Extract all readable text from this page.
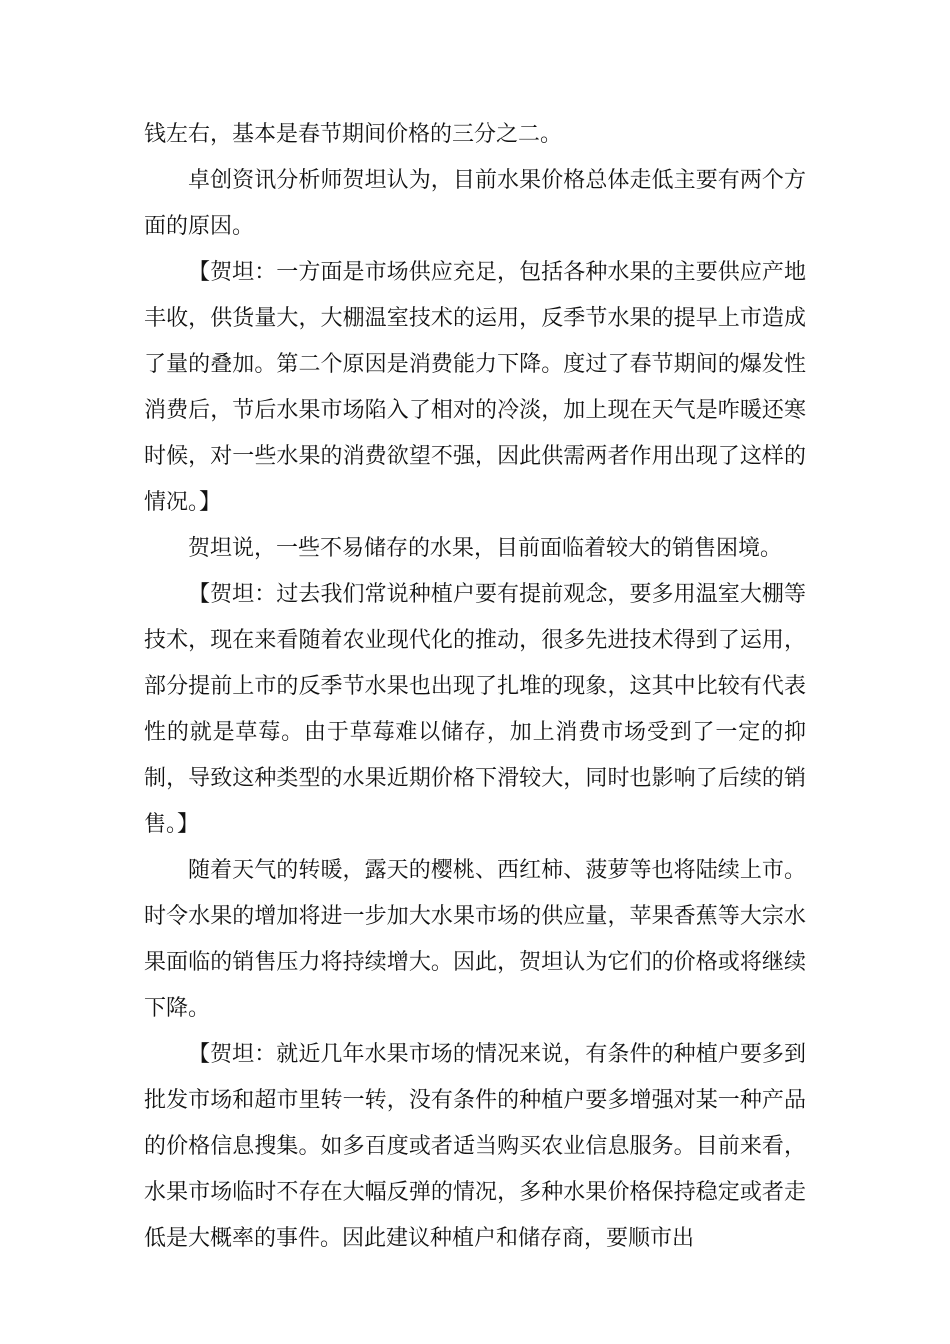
钱左右，基本是春节期间价格的三分之二。

卓创资讯分析师贺坦认为，目前水果价格总体走低主要有两个方面的原因。

【贺坦：一方面是市场供应充足，包括各种水果的主要供应产地丰收，供货量大，大棚温室技术的运用，反季节水果的提早上市造成了量的叠加。第二个原因是消费能力下降。度过了春节期间的爆发性消费后，节后水果市场陷入了相对的冷淡，加上现在天气是咋暖还寒时候，对一些水果的消费欲望不强，因此供需两者作用出现了这样的情况。】

贺坦说，一些不易储存的水果，目前面临着较大的销售困境。

【贺坦：过去我们常说种植户要有提前观念，要多用温室大棚等技术，现在来看随着农业现代化的推动，很多先进技术得到了运用，部分提前上市的反季节水果也出现了扎堆的现象，这其中比较有代表性的就是草莓。由于草莓难以储存，加上消费市场受到了一定的抑制，导致这种类型的水果近期价格下滑较大，同时也影响了后续的销售。】

随着天气的转暖，露天的樱桃、西红柿、菠萝等也将陆续上市。时令水果的增加将进一步加大水果市场的供应量，苹果香蕉等大宗水果面临的销售压力将持续增大。因此，贺坦认为它们的价格或将继续下降。

【贺坦：就近几年水果市场的情况来说，有条件的种植户要多到批发市场和超市里转一转，没有条件的种植户要多增强对某一种产品的价格信息搜集。如多百度或者适当购买农业信息服务。目前来看，水果市场临时不存在大幅反弹的情况，多种水果价格保持稳定或者走低是大概率的事件。因此建议种植户和储存商，要顺市出
